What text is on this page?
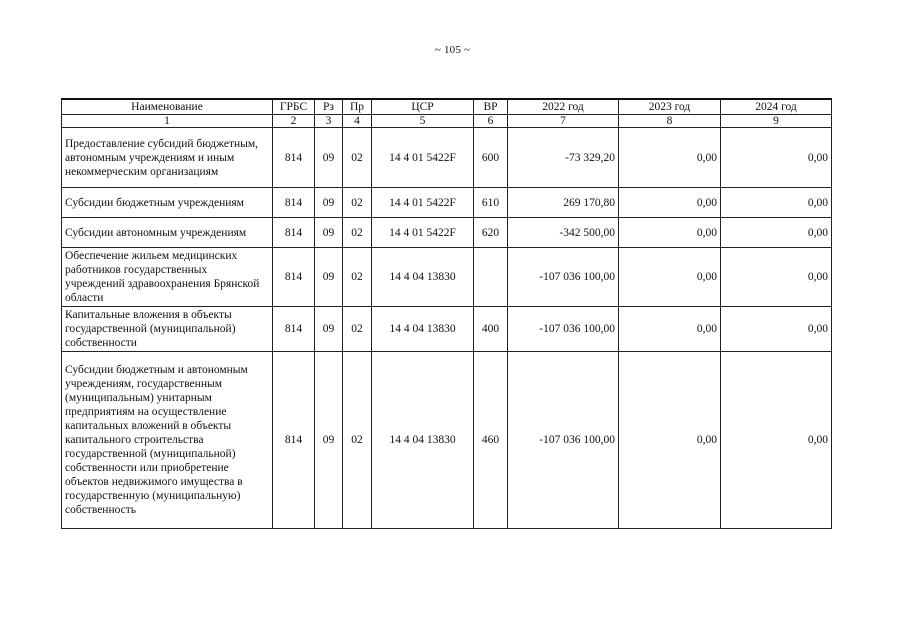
~ 105 ~
Наименование	ГРБС	Рз	Пр	ЦСР	ВР	2022 год	2023 год	2024 год
1	2	3	4	5	6	7	8	9
Предоставление субсидий бюджетным, автономным учреждениям и иным некоммерческим организациям	814	09	02	14 4 01 5422F	600	-73 329,20	0,00	0,00
Субсидии бюджетным учреждениям	814	09	02	14 4 01 5422F	610	269 170,80	0,00	0,00
Субсидии автономным учреждениям	814	09	02	14 4 01 5422F	620	-342 500,00	0,00	0,00
Обеспечение жильем медицинских работников государственных учреждений здравоохранения Брянской области	814	09	02	14 4 04 13830		-107 036 100,00	0,00	0,00
Капитальные вложения в объекты государственной (муниципальной) собственности	814	09	02	14 4 04 13830	400	-107 036 100,00	0,00	0,00
Субсидии бюджетным и автономным учреждениям, государственным (муниципальным) унитарным предприятиям на осуществление капитальных вложений в объекты капитального строительства государственной (муниципальной) собственности или приобретение объектов недвижимого имущества в государственную (муниципальную) собственность	814	09	02	14 4 04 13830	460	-107 036 100,00	0,00	0,00
